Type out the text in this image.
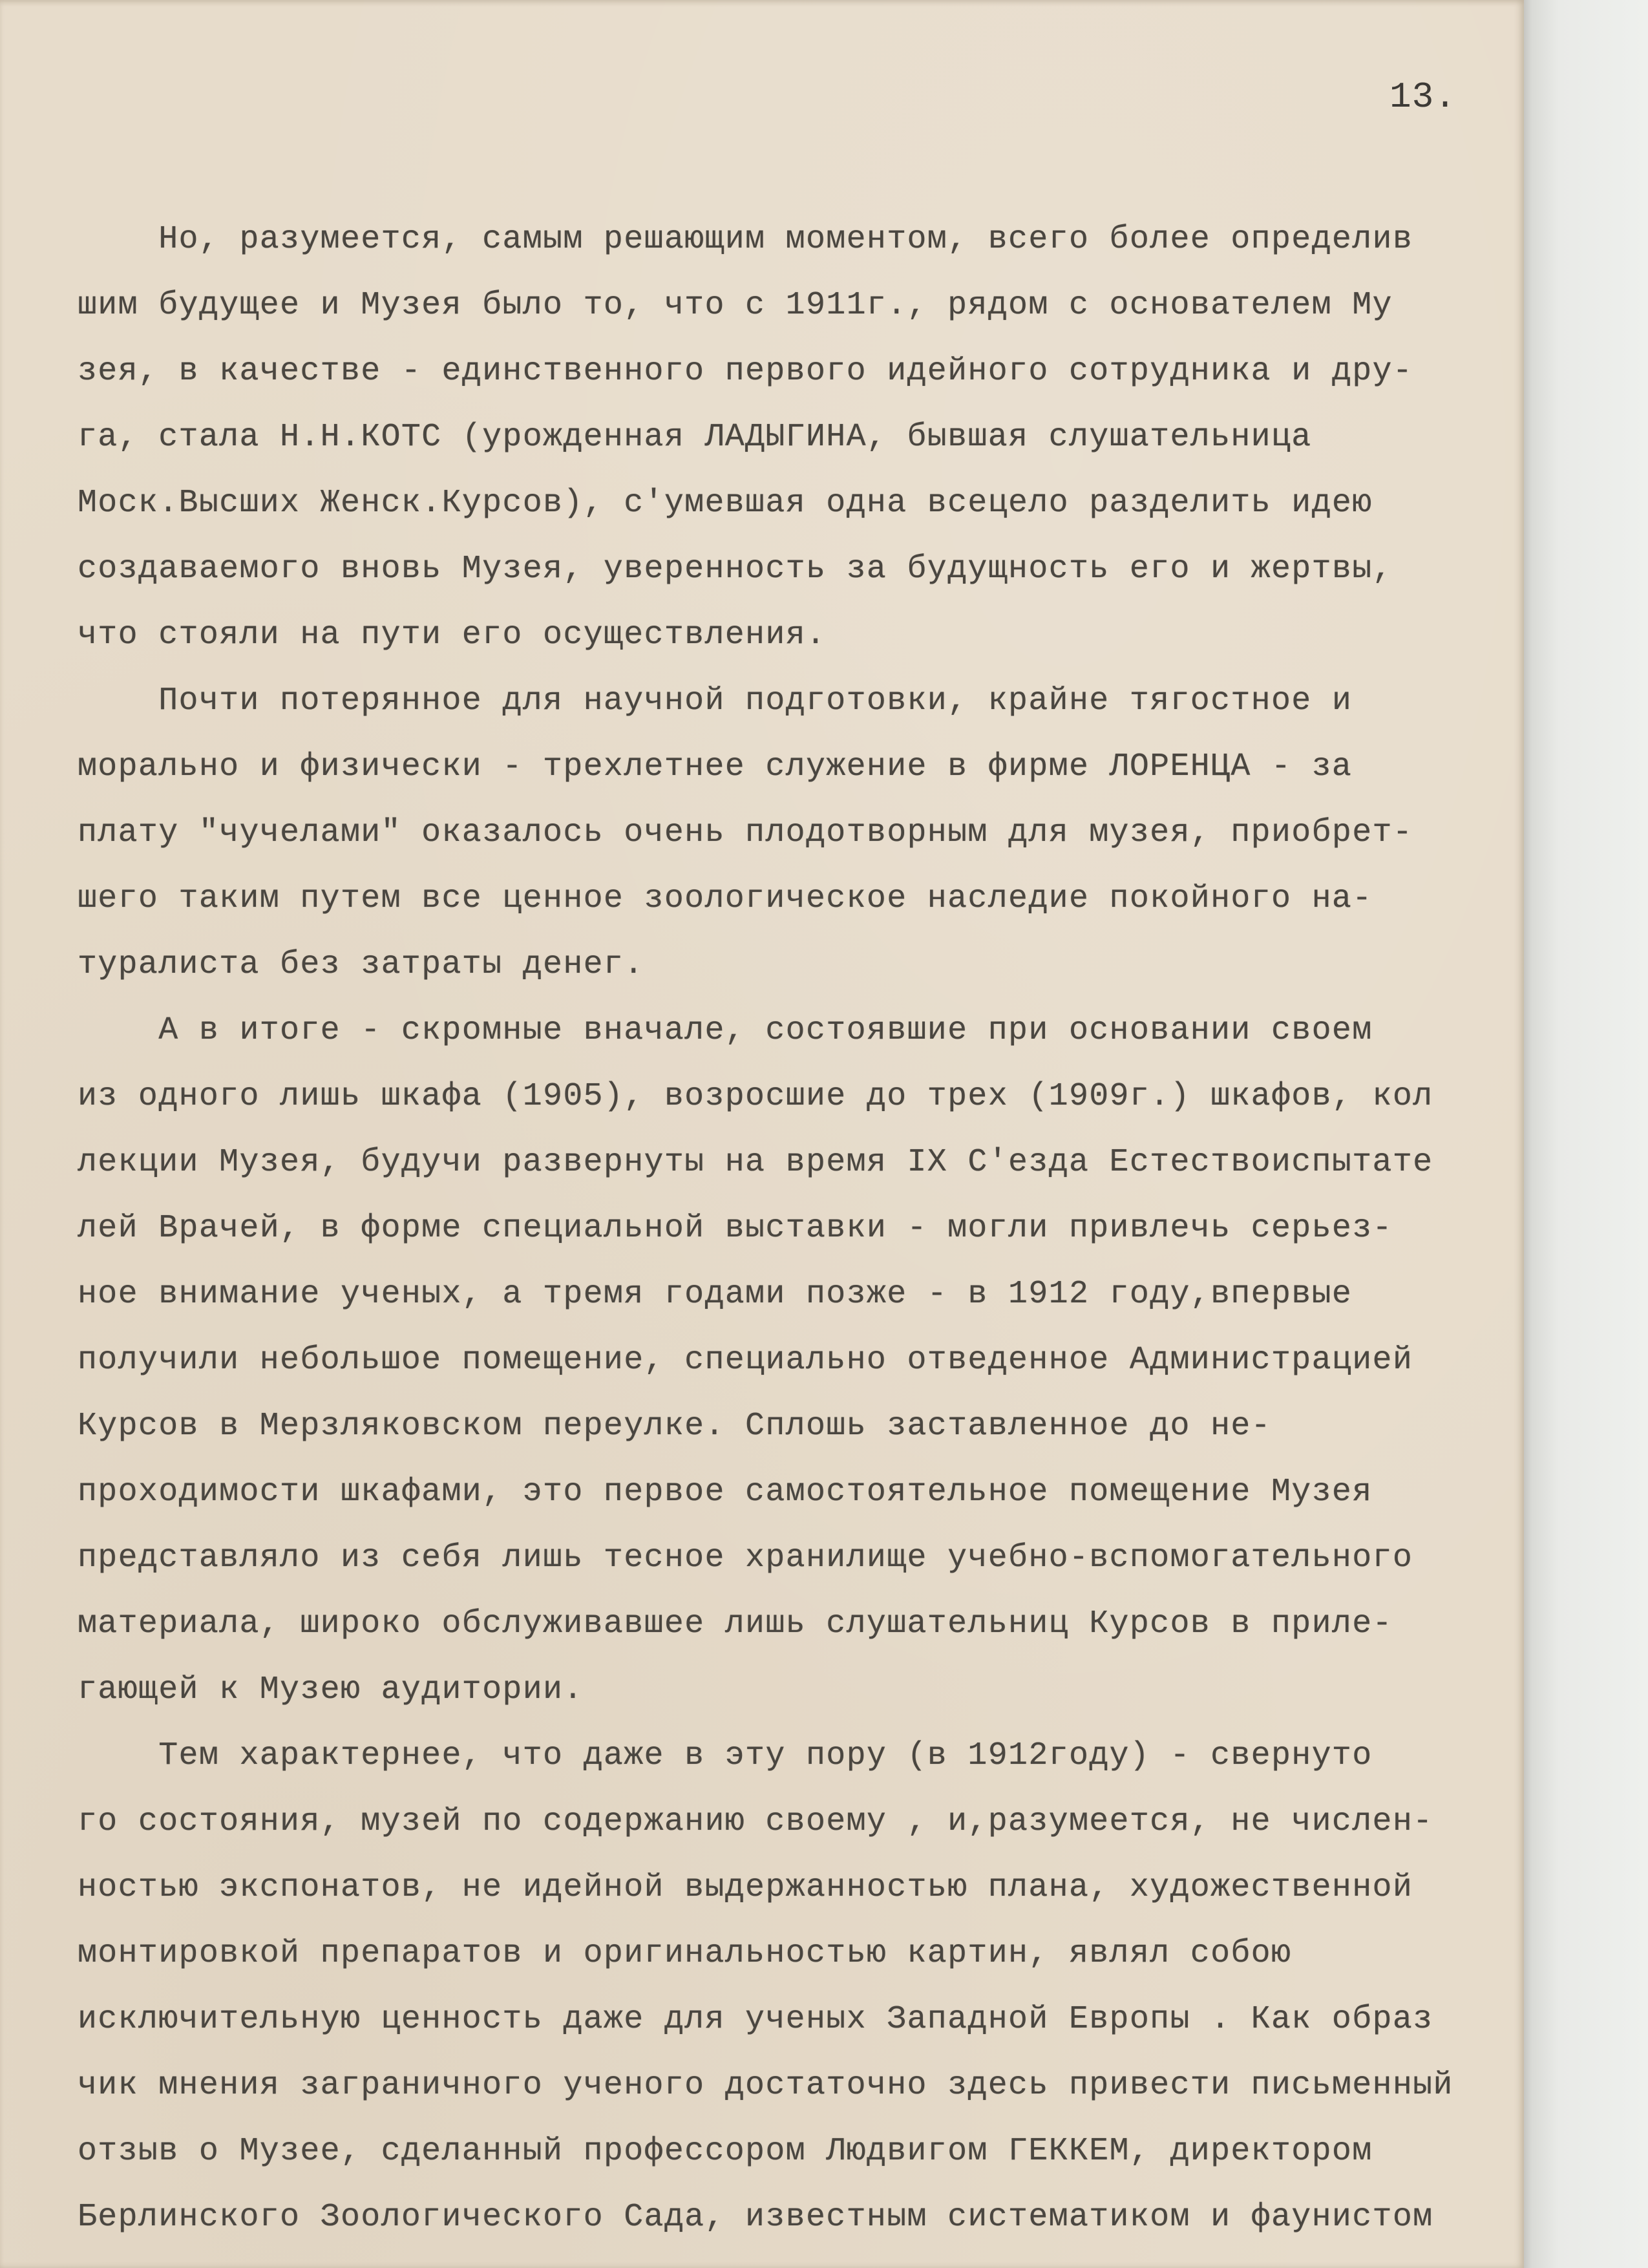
13.
Но, разумеется, самым решающим моментом, всего более определив
шим будущее и Музея было то, что с 1911г., рядом с основателем Му
зея, в качестве - единственного первого идейного сотрудника и дру-
га, стала Н.Н.КОТС (урожденная ЛАДЫГИНА, бывшая слушательница
Моск.Высших Женск.Курсов), с'умевшая одна всецело разделить идею
создаваемого вновь Музея, уверенность за будущность его и жертвы,
что стояли на пути его осуществления.
Почти потерянное для научной подготовки, крайне тягостное и
морально и физически - трехлетнее служение в фирме ЛОРЕНЦА - за
плату "чучелами" оказалось очень плодотворным для музея, приобрет-
шего таким путем все ценное зоологическое наследие покойного на-
туралиста без затраты денег.
А в итоге - скромные вначале, состоявшие при основании своем
из одного лишь шкафа (1905), возросшие до трех (1909г.) шкафов, кол
лекции Музея, будучи развернуты на время IX С'езда Естествоиспытате
лей Врачей, в форме специальной выставки - могли привлечь серьез-
ное внимание ученых, а тремя годами позже - в 1912 году,впервые
получили небольшое помещение, специально отведенное Администрацией
Курсов в Мерзляковском переулке. Сплошь заставленное до не-
проходимости шкафами, это первое самостоятельное помещение Музея
представляло из себя лишь тесное хранилище учебно-вспомогательного
материала, широко обслуживавшее лишь слушательниц Курсов в приле-
гающей к Музею аудитории.
Тем характернее, что даже в эту пору (в 1912году) - свернуто
го состояния, музей по содержанию своему , и,разумеется, не числен-
ностью экспонатов, не идейной выдержанностью плана, художественной
монтировкой препаратов и оригинальностью картин, являл собою
исключительную ценность даже для ученых Западной Европы . Как образ
чик мнения заграничного ученого достаточно здесь привести письменный
отзыв о Музее, сделанный профессором Людвигом ГЕККЕМ, директором
Берлинского Зоологического Сада, известным систематиком и фаунистом
